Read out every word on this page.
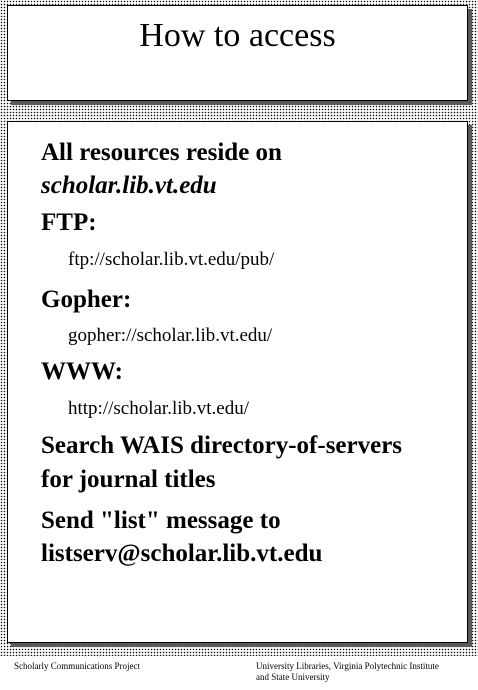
How to access
All resources reside on
scholar.lib.vt.edu
FTP:
ftp://scholar.lib.vt.edu/pub/
Gopher:
gopher://scholar.lib.vt.edu/
WWW:
http://scholar.lib.vt.edu/
Search WAIS directory-of-servers
for journal titles
Send "list" message to
listserv@scholar.lib.vt.edu
Scholarly Communications Project	University Libraries, Virginia Polytechnic Institute
and State University
